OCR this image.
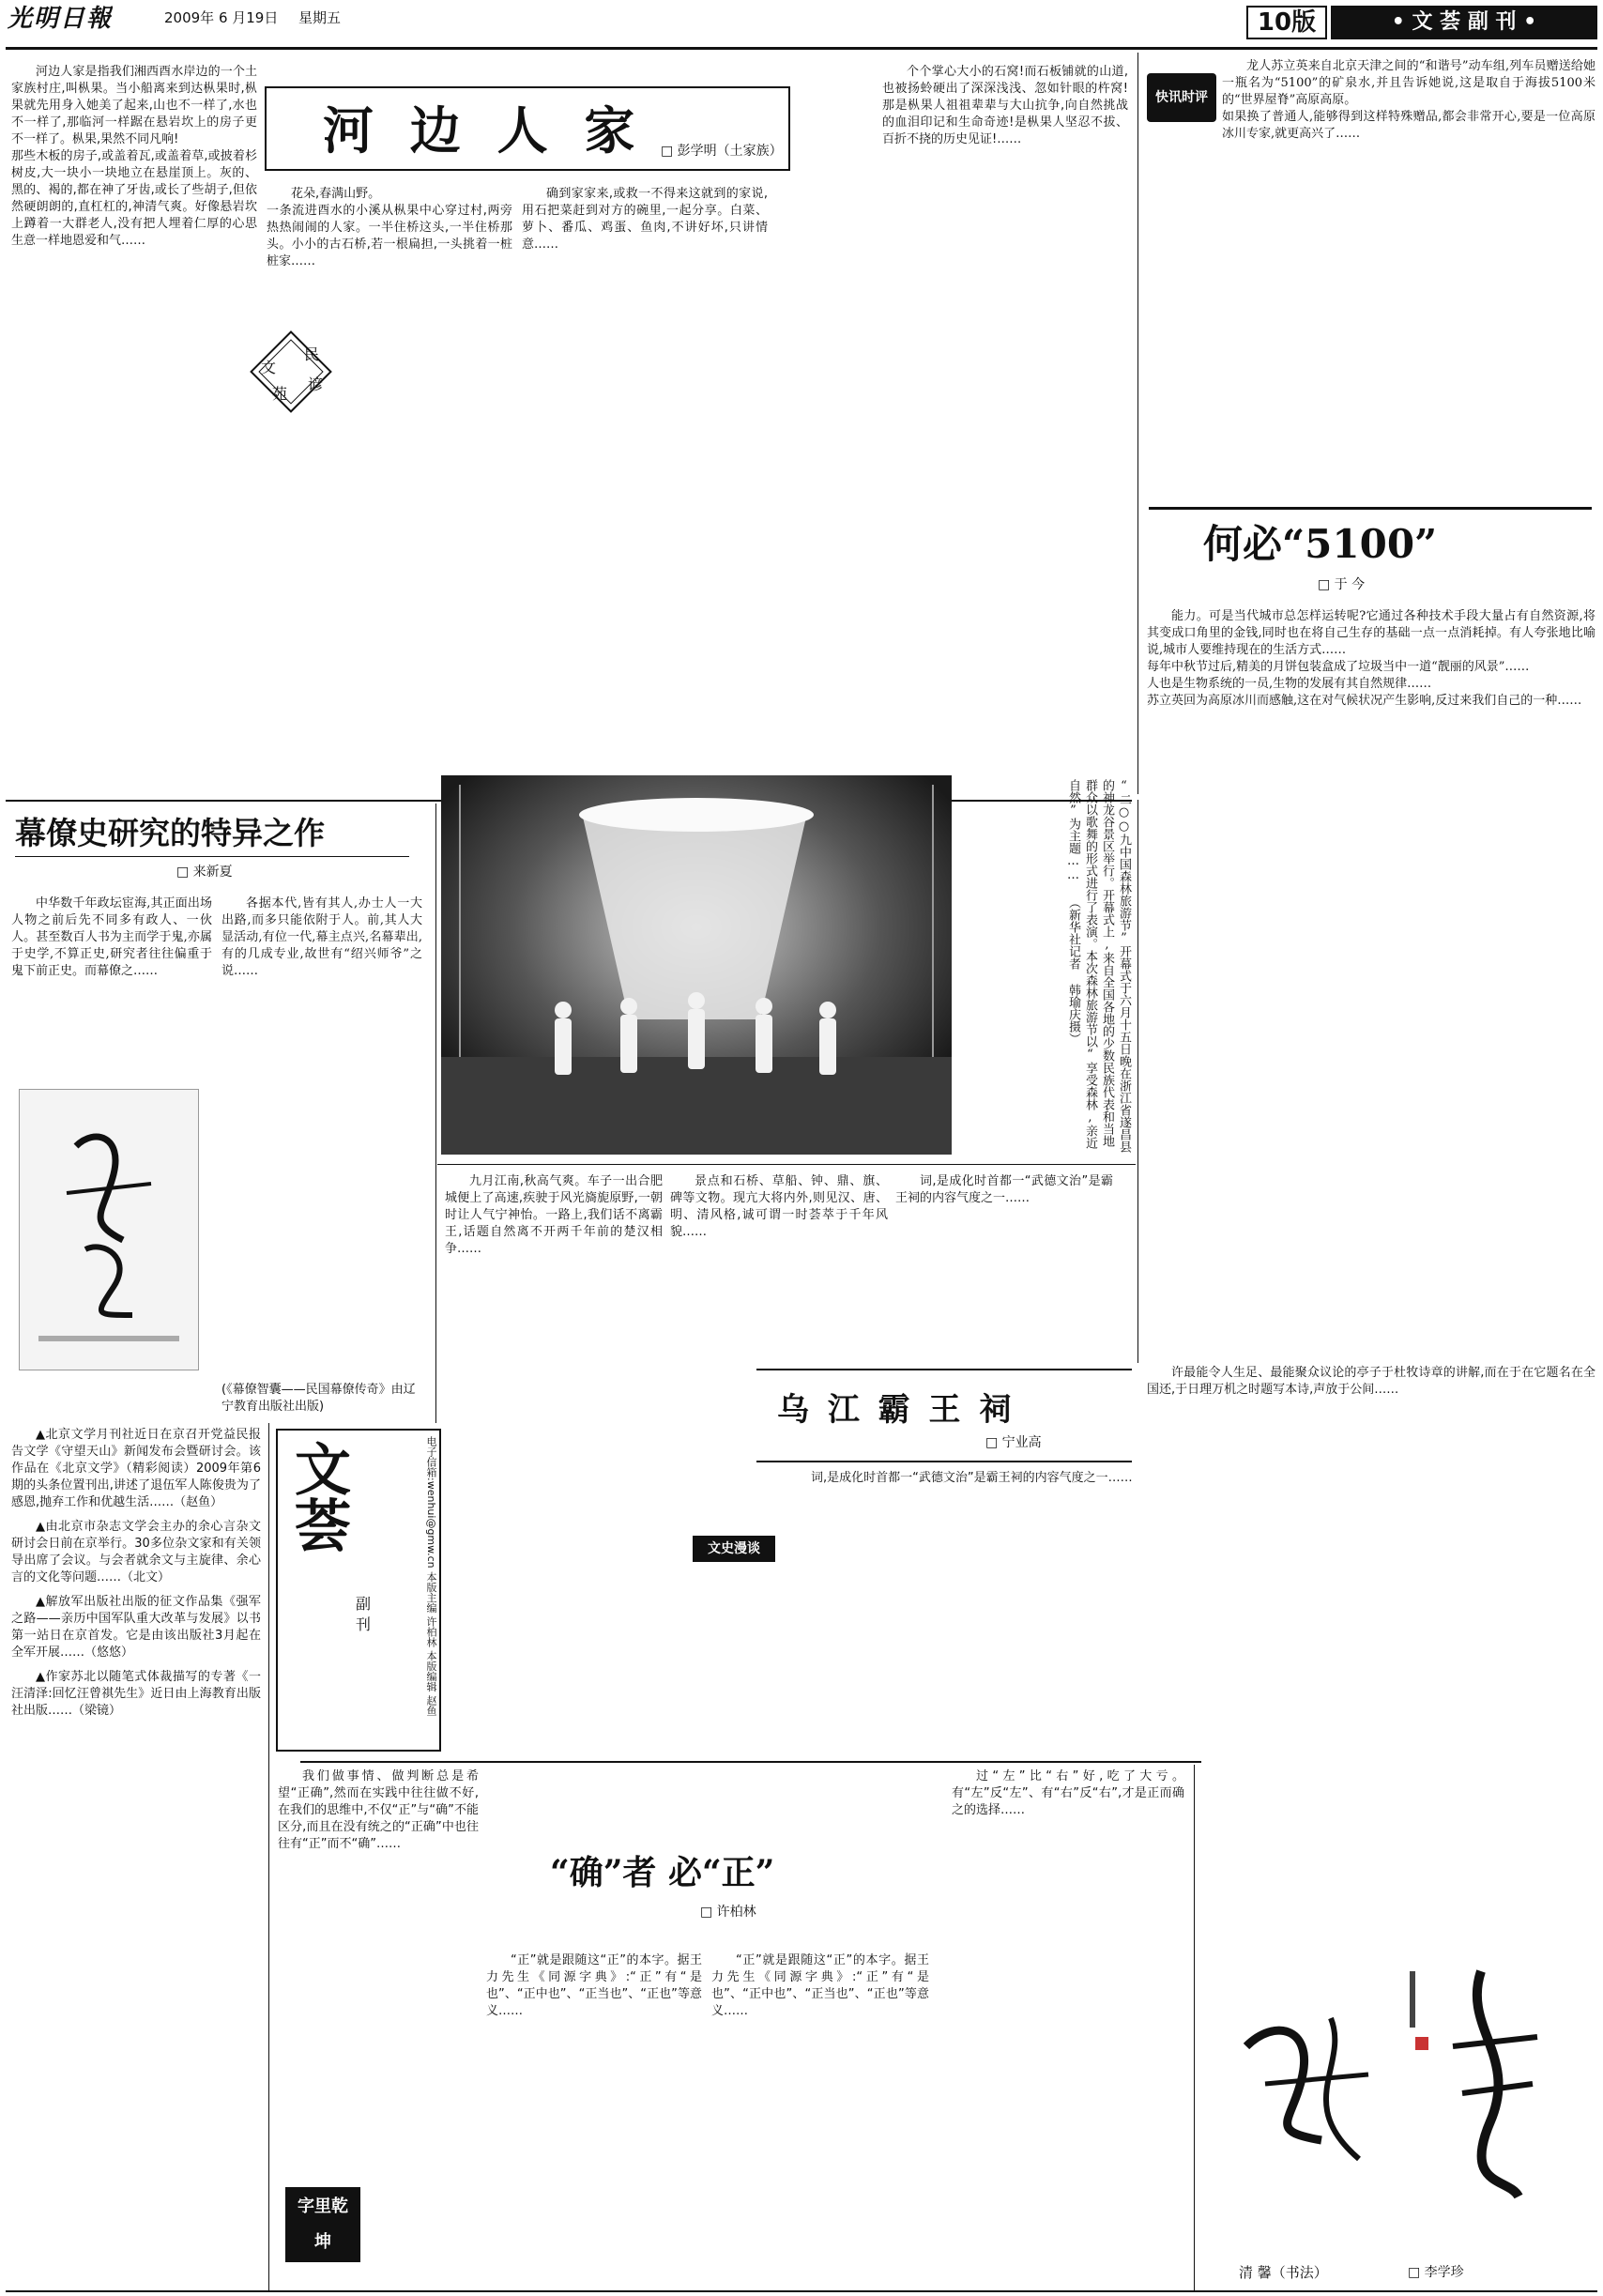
光明日報	2009年 6 月19日 星期五	10版	• 文 荟 副 刊 •
河 边 人 家 □ 彭学明（土家族）

河边人家是指我们湘西酉水岸边的一个土家族村庄,叫枞果。当小船离来到达枞果时,枞果就先用身入她美了起来,山也不一样了,水也不一样了,那临河一样踞在悬岩坎上的房子更不一样了。枞果,果然不同凡响!
那些木板的房子,或盖着瓦,或盖着草,或披着杉树皮,大一块小一块地立在悬崖顶上。灰的、黑的、褐的,都在神了牙齿,或长了些胡子,但依然硬朗朗的,直杠杠的,神清气爽。好像悬岩坎上蹲着一大群老人,没有把人埋着仁厚的心思生意一样地恩爱和气……

花朵,春满山野。
一条流进酉水的小溪从枞果中心穿过村,两旁热热闹闹的人家。一半住桥这头,一半住桥那头。小小的古石桥,若一根扁担,一头挑着一桩桩家……

确到家家来,或救一不得来这就到的家说,用石把菜赶到对方的碗里,一起分享。白菜、萝卜、番瓜、鸡蛋、鱼肉,不讲好坏,只讲情意……

个个掌心大小的石窝!而石板铺就的山道,也被扬蛉硬出了深深浅浅、忽如针眼的杵窝!那是枞果人祖祖辈辈与大山抗争,向自然挑战的血泪印记和生命奇迹!是枞果人坚忍不拔、百折不挠的历史见证!……

文
民
苑
谚
快讯时评

龙人苏立英来自北京天津之间的“和谐号”动车组,列车员赠送给她一瓶名为“5100”的矿泉水,并且告诉她说,这是取自于海拔5100米的“世界屋脊”高原高原。
如果换了普通人,能够得到这样特殊赠品,都会非常开心,要是一位高原冰川专家,就更高兴了……

何必“5100”
□ 于 今

能力。可是当代城市总怎样运转呢?它通过各种技术手段大量占有自然资源,将其变成口角里的金钱,同时也在将自己生存的基础一点一点消耗掉。有人夸张地比喻说,城市人要维持现在的生活方式……
每年中秋节过后,精美的月饼包装盒成了垃圾当中一道“靓丽的风景”……
人也是生物系统的一员,生物的发展有其自然规律……
苏立英回为高原冰川而感触,这在对气候状况产生影响,反过来我们自己的一种……

幕僚史研究的特异之作
□ 来新夏

中华数千年政坛宦海,其正面出场人物之前后先不同多有政人、一伙人。甚至数百人书为主而学于鬼,亦属于史学,不算正史,研究者往往偏重于鬼下前正史。而幕僚之……

各据本代,皆有其人,办士人一大出路,而多只能依附于人。前,其人大显活动,有位一代,幕主点兴,名幕辈出,有的几成专业,故世有“绍兴师爷”之说……

(《幕僚智囊——民国幕僚传奇》由辽宁教育出版社出版)
“二○○九中国森林旅游节”开幕式于六月十五日晚在浙江省遂昌县的神龙谷景区举行。开幕式上,来自全国各地的少数民族代表和当地群众以歌舞的形式进行了表演。本次森林旅游节以“享受森林,亲近自然”为主题…… （新华社记者 韩瑜庆摄）

九月江南,秋高气爽。车子一出合肥城便上了高速,疾驶于风光旖旎原野,一朝时让人气宁神怡。一路上,我们话不离霸王,话题自然离不开两千年前的楚汉相争……

景点和石桥、草船、钟、鼎、旗、碑等文物。现亢大将内外,则见汉、唐、明、清风格,诚可谓一时荟萃于千年风貌……

词,是成化时首都一“武德文治”是霸王祠的内容气度之一……

许最能令人生足、最能聚众议论的亭子于杜牧诗章的讲解,而在于在它题名在全国还,于日理万机之时题写本诗,声放于公间……

乌 江 霸 王 祠
□ 宁业高
文史漫谈

词,是成化时首都一“武德文治”是霸王祠的内容气度之一……

▲北京文学月刊社近日在京召开党益民报告文学《守望天山》新闻发布会暨研讨会。该作品在《北京文学》（精彩阅读）2009年第6期的头条位置刊出,讲述了退伍军人陈俊贵为了感恩,抛弃工作和优越生活……（赵鱼）

▲由北京市杂志文学会主办的余心言杂文研讨会日前在京举行。30多位杂文家和有关领导出席了会议。与会者就余文与主旋律、余心言的文化等问题……（北文）

▲解放军出版社出版的征文作品集《强军之路——亲历中国军队重大改革与发展》以书第一站日在京首发。它是由该出版社3月起在全军开展……（悠悠）

▲作家苏北以随笔式体裁描写的专著《一汪清泽:回忆汪曾祺先生》近日由上海教育出版社出版……（梁镜）

文荟
副刊
电子信箱:wenhui@gmw.cn 本版主编 许柏林 本版编辑 赵鱼

我们做事情、做判断总是希望“正确”,然而在实践中往往做不好,在我们的思维中,不仅“正”与“确”不能区分,而且在没有统之的“正确”中也往往有“正”而不“确”……

“确”者 必“正”
□ 许柏林

“正”就是跟随这“正”的本字。据王力先生《同源字典》:“正”有“是也”、“正中也”、“正当也”、“正也”等意义……

“正”就是跟随这“正”的本字。据王力先生《同源字典》:“正”有“是也”、“正中也”、“正当也”、“正也”等意义……

过“左”比“右”好,吃了大亏。有“左”反“左”、有“右”反“右”,才是正而确之的选择……

字里乾坤
清 馨（书法）	□ 李学珍
